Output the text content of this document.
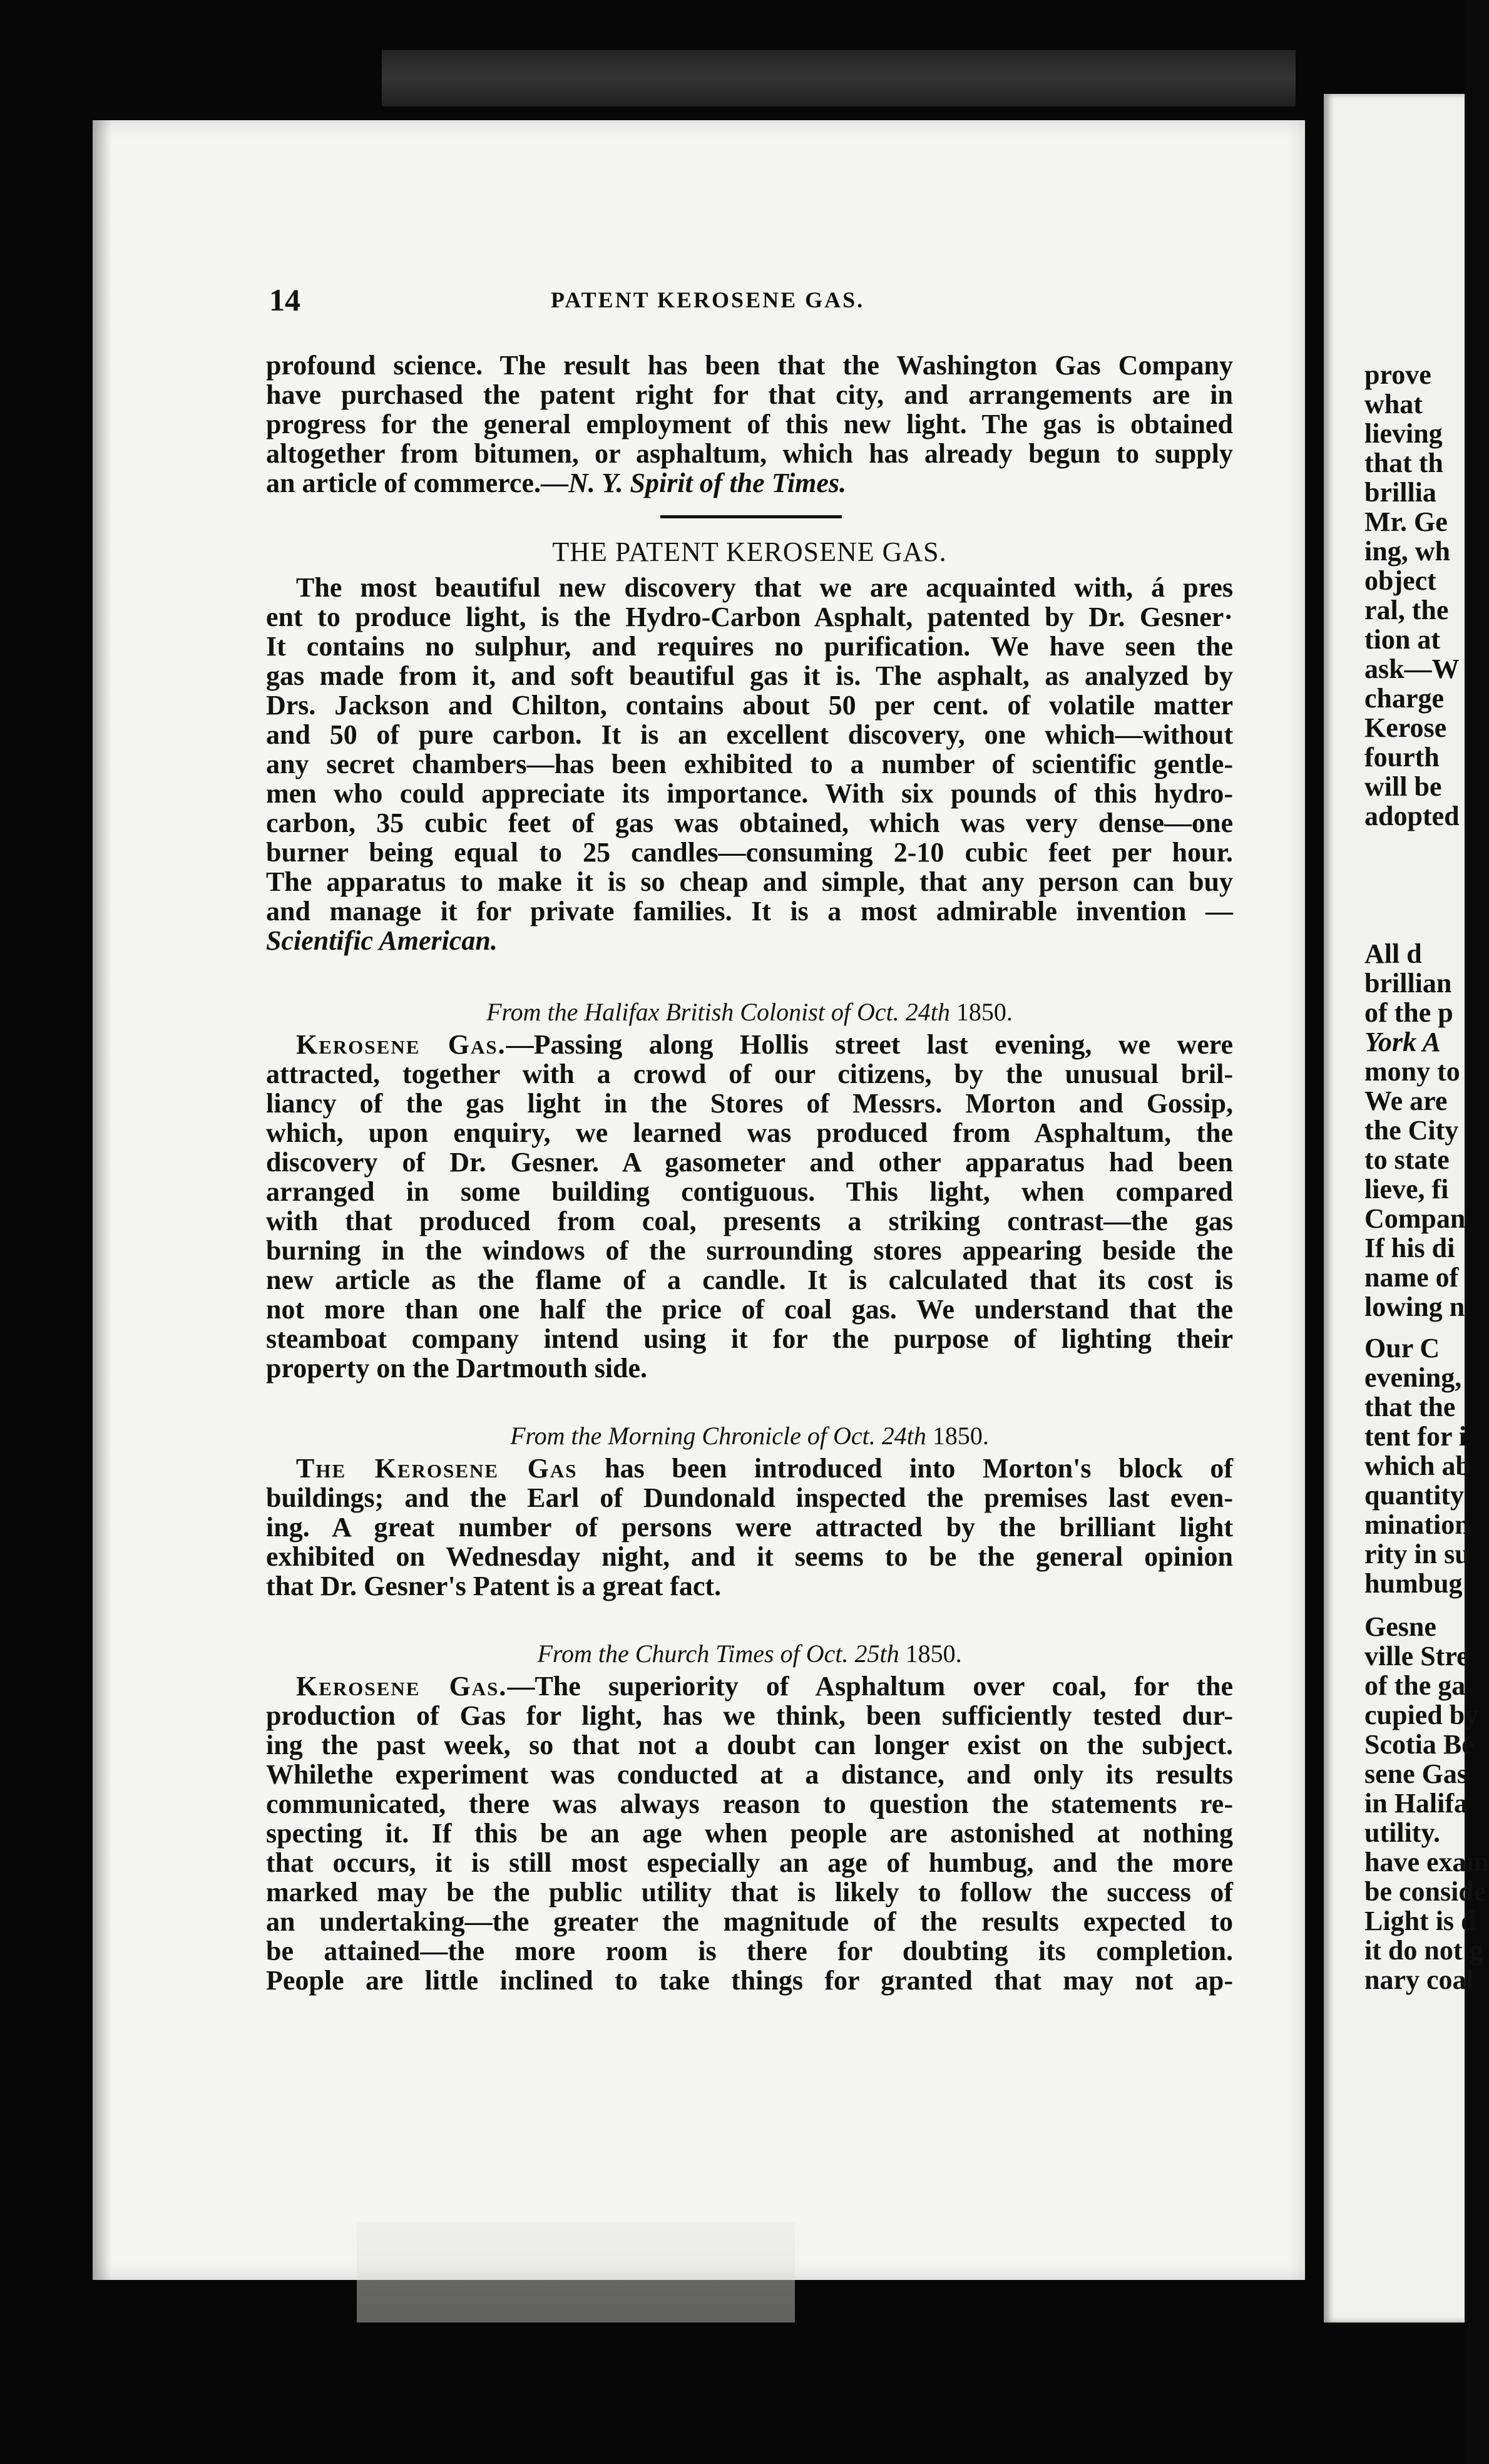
14	PATENT KEROSENE GAS.
profound science. The result has been that the Washington Gas Company
have purchased the patent right for that city, and arrangements are in
progress for the general employment of this new light. The gas is obtained
altogether from bitumen, or asphaltum, which has already begun to supply
an article of commerce.—N. Y. Spirit of the Times.
The most beautiful new discovery that we are acquainted with, á pres
ent to produce light, is the Hydro-Carbon Asphalt, patented by Dr. Gesner·
It contains no sulphur, and requires no purification. We have seen the
gas made from it, and soft beautiful gas it is. The asphalt, as analyzed by
Drs. Jackson and Chilton, contains about 50 per cent. of volatile matter
and 50 of pure carbon. It is an excellent discovery, one which—without
any secret chambers—has been exhibited to a number of scientific gentle-
men who could appreciate its importance. With six pounds of this hydro-
carbon, 35 cubic feet of gas was obtained, which was very dense—one
burner being equal to 25 candles—consuming 2-10 cubic feet per hour.
The apparatus to make it is so cheap and simple, that any person can buy
and manage it for private families. It is a most admirable invention —
Scientific American.
Kerosene Gas.—Passing along Hollis street last evening, we were
attracted, together with a crowd of our citizens, by the unusual bril-
liancy of the gas light in the Stores of Messrs. Morton and Gossip,
which, upon enquiry, we learned was produced from Asphaltum, the
discovery of Dr. Gesner. A gasometer and other apparatus had been
arranged in some building contiguous. This light, when compared
with that produced from coal, presents a striking contrast—the gas
burning in the windows of the surrounding stores appearing beside the
new article as the flame of a candle. It is calculated that its cost is
not more than one half the price of coal gas. We understand that the
steamboat company intend using it for the purpose of lighting their
property on the Dartmouth side.
The Kerosene Gas has been introduced into Morton's block of
buildings; and the Earl of Dundonald inspected the premises last even-
ing. A great number of persons were attracted by the brilliant light
exhibited on Wednesday night, and it seems to be the general opinion
that Dr. Gesner's Patent is a great fact.
Kerosene Gas.—The superiority of Asphaltum over coal, for the
production of Gas for light, has we think, been sufficiently tested dur-
ing the past week, so that not a doubt can longer exist on the subject.
Whilethe experiment was conducted at a distance, and only its results
communicated, there was always reason to question the statements re-
specting it. If this be an age when people are astonished at nothing
that occurs, it is still most especially an age of humbug, and the more
marked may be the public utility that is likely to follow the success of
an undertaking—the greater the magnitude of the results expected to
be attained—the more room is there for doubting its completion.
People are little inclined to take things for granted that may not ap-
THE PATENT KEROSENE GAS.
From the Halifax British Colonist of Oct. 24th 1850.
From the Morning Chronicle of Oct. 24th 1850.
From the Church Times of Oct. 25th 1850.
prove
what
lieving
that th
brillia
Mr. Ge
ing, wh
object
ral, the
tion at
ask—W
charge
Kerose
fourth
will be
adopted
All d
brillian
of the p
York A
mony to
We are
the City
to state
lieve, fi
Compan
If his di
name of
lowing n
Our C
evening,
that the
tent for i
which ab
quantity
mination
rity in su
humbug
Gesne
ville Stre
of the ga
cupied by
Scotia Be
sene Gas
in Halifa
utility.
have exam
be conside
Light is d
it do not g
nary coal
